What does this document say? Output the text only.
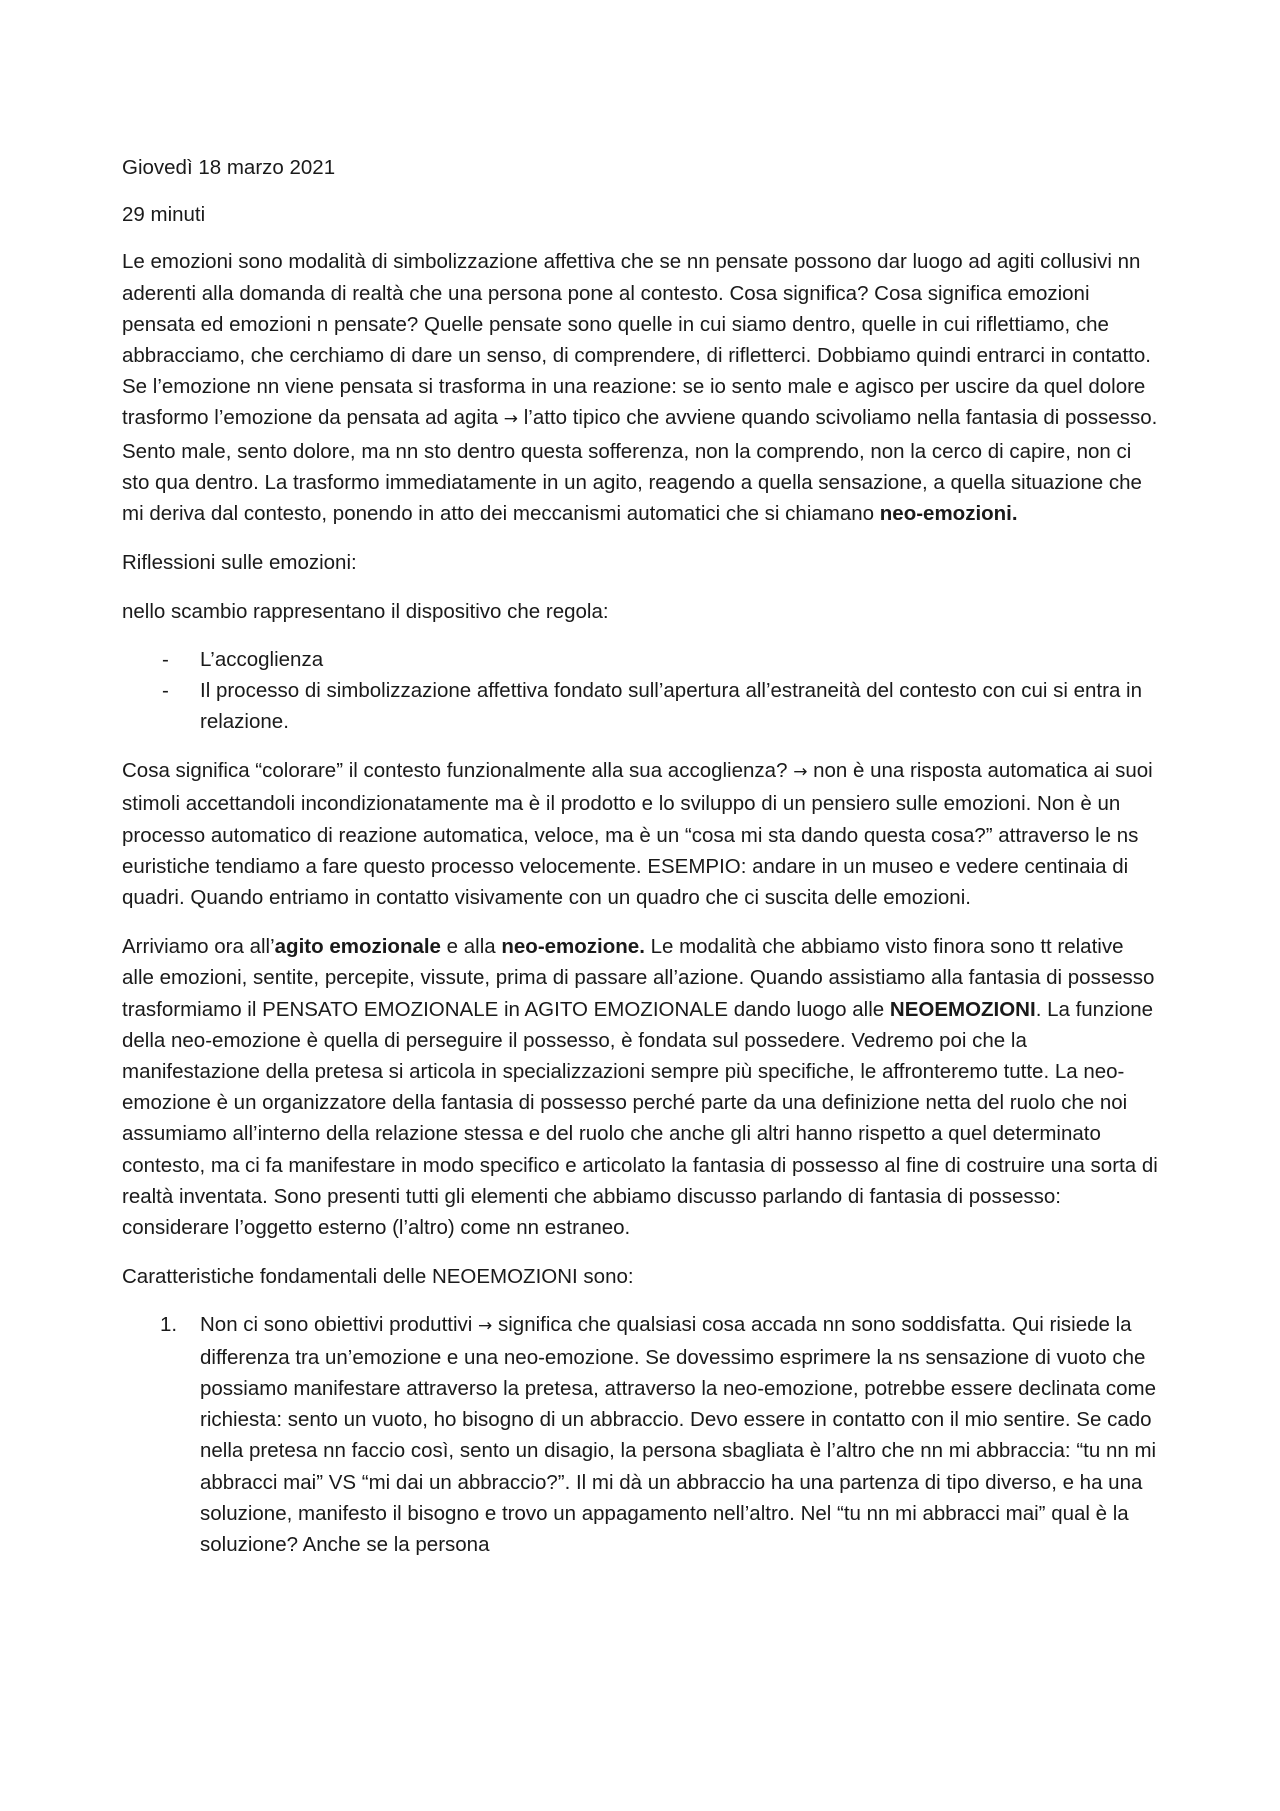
Giovedì 18 marzo 2021

29 minuti

Le emozioni sono modalità di simbolizzazione affettiva che se nn pensate possono dar luogo ad agiti collusivi nn aderenti alla domanda di realtà che una persona pone al contesto. Cosa significa? Cosa significa emozioni pensata ed emozioni n pensate? Quelle pensate sono quelle in cui siamo dentro, quelle in cui riflettiamo, che abbracciamo, che cerchiamo di dare un senso, di comprendere, di rifletterci. Dobbiamo quindi entrarci in contatto. Se l’emozione nn viene pensata si trasforma in una reazione: se io sento male e agisco per uscire da quel dolore trasformo l’emozione da pensata ad agita → l’atto tipico che avviene quando scivoliamo nella fantasia di possesso. Sento male, sento dolore, ma nn sto dentro questa sofferenza, non la comprendo, non la cerco di capire, non ci sto qua dentro. La trasformo immediatamente in un agito, reagendo a quella sensazione, a quella situazione che mi deriva dal contesto, ponendo in atto dei meccanismi automatici che si chiamano neo-emozioni.

Riflessioni sulle emozioni:

nello scambio rappresentano il dispositivo che regola:

- L’accoglienza
- Il processo di simbolizzazione affettiva fondato sull’apertura all’estraneità del contesto con cui si entra in relazione.

Cosa significa “colorare” il contesto funzionalmente alla sua accoglienza? → non è una risposta automatica ai suoi stimoli accettandoli incondizionatamente ma è il prodotto e lo sviluppo di un pensiero sulle emozioni. Non è un processo automatico di reazione automatica, veloce, ma è un “cosa mi sta dando questa cosa?” attraverso le ns euristiche tendiamo a fare questo processo velocemente. ESEMPIO: andare in un museo e vedere centinaia di quadri. Quando entriamo in contatto visivamente con un quadro che ci suscita delle emozioni.

Arriviamo ora all’agito emozionale e alla neo-emozione. Le modalità che abbiamo visto finora sono tt relative alle emozioni, sentite, percepite, vissute, prima di passare all’azione. Quando assistiamo alla fantasia di possesso trasformiamo il PENSATO EMOZIONALE in AGITO EMOZIONALE dando luogo alle NEOEMOZIONI. La funzione della neo-emozione è quella di perseguire il possesso, è fondata sul possedere. Vedremo poi che la manifestazione della pretesa si articola in specializzazioni sempre più specifiche, le affronteremo tutte. La neo-emozione è un organizzatore della fantasia di possesso perché parte da una definizione netta del ruolo che noi assumiamo all’interno della relazione stessa e del ruolo che anche gli altri hanno rispetto a quel determinato contesto, ma ci fa manifestare in modo specifico e articolato la fantasia di possesso al fine di costruire una sorta di realtà inventata. Sono presenti tutti gli elementi che abbiamo discusso parlando di fantasia di possesso: considerare l’oggetto esterno (l’altro) come nn estraneo.

Caratteristiche fondamentali delle NEOEMOZIONI sono:

1. Non ci sono obiettivi produttivi → significa che qualsiasi cosa accada nn sono soddisfatta. Qui risiede la differenza tra un’emozione e una neo-emozione. Se dovessimo esprimere la ns sensazione di vuoto che possiamo manifestare attraverso la pretesa, attraverso la neo-emozione, potrebbe essere declinata come richiesta: sento un vuoto, ho bisogno di un abbraccio. Devo essere in contatto con il mio sentire. Se cado nella pretesa nn faccio così, sento un disagio, la persona sbagliata è l’altro che nn mi abbraccia: “tu nn mi abbracci mai” VS “mi dai un abbraccio?”. Il mi dà un abbraccio ha una partenza di tipo diverso, e ha una soluzione, manifesto il bisogno e trovo un appagamento nell’altro. Nel “tu nn mi abbracci mai” qual è la soluzione? Anche se la persona
